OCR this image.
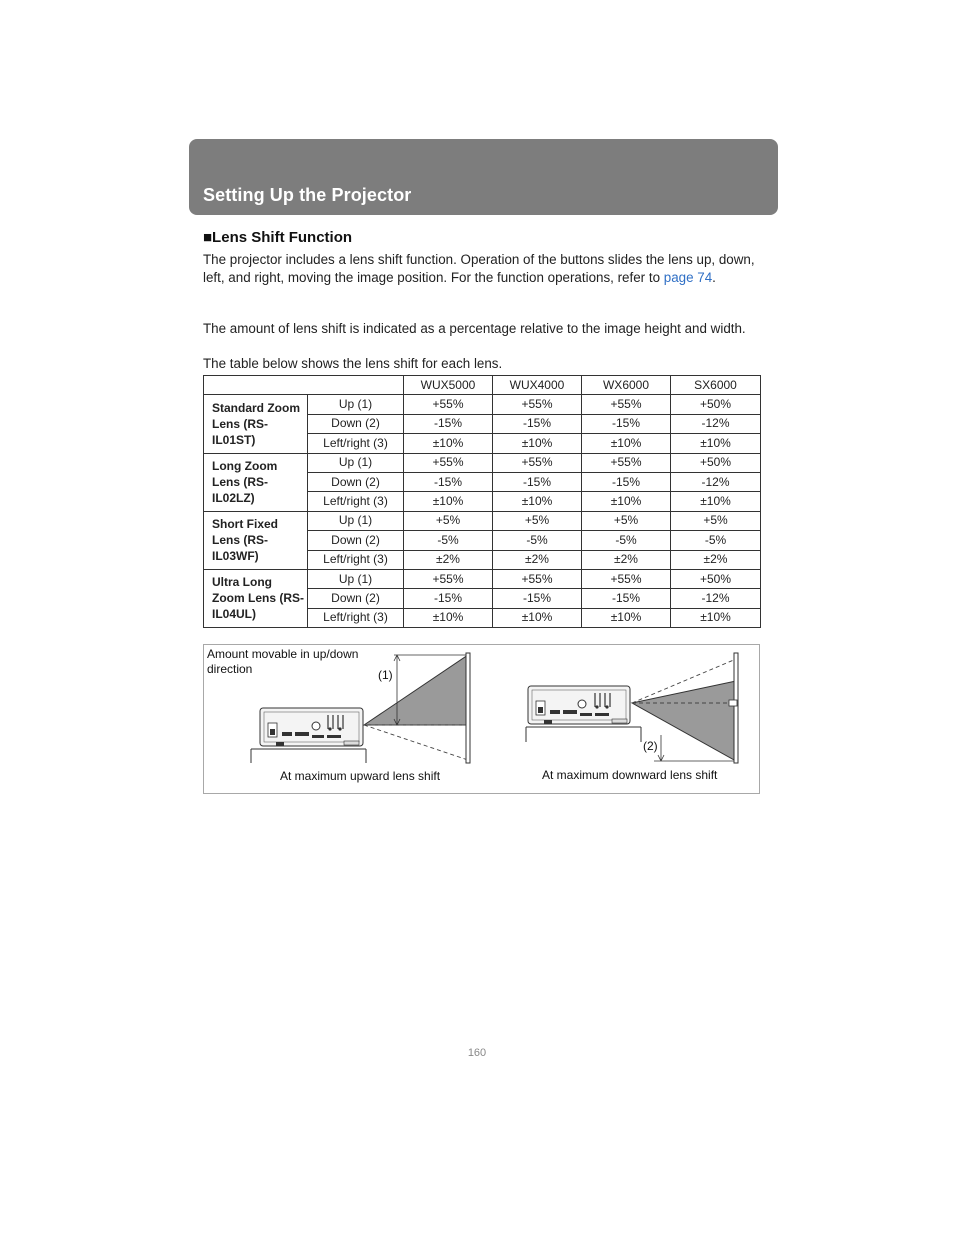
Setting Up the Projector
■Lens Shift Function

The projector includes a lens shift function. Operation of the buttons slides the lens up, down, left, and right, moving the image position. For the function operations, refer to page 74.

The amount of lens shift is indicated as a percentage relative to the image height and width.

The table below shows the lens shift for each lens.

		WUX5000	WUX4000	WX6000	SX6000
Standard Zoom Lens (RS-IL01ST)	Up (1)	+55%	+55%	+55%	+50%
	Down (2)	-15%	-15%	-15%	-12%
	Left/right (3)	±10%	±10%	±10%	±10%
Long Zoom Lens (RS-IL02LZ)	Up (1)	+55%	+55%	+55%	+50%
	Down (2)	-15%	-15%	-15%	-12%
	Left/right (3)	±10%	±10%	±10%	±10%
Short Fixed Lens (RS-IL03WF)	Up (1)	+5%	+5%	+5%	+5%
	Down (2)	-5%	-5%	-5%	-5%
	Left/right (3)	±2%	±2%	±2%	±2%
Ultra Long Zoom Lens (RS-IL04UL)	Up (1)	+55%	+55%	+55%	+50%
	Down (2)	-15%	-15%	-15%	-12%
	Left/right (3)	±10%	±10%	±10%	±10%

Amount movable in up/down direction	(1)

(2)

At maximum upward lens shift	At maximum downward lens shift

160
